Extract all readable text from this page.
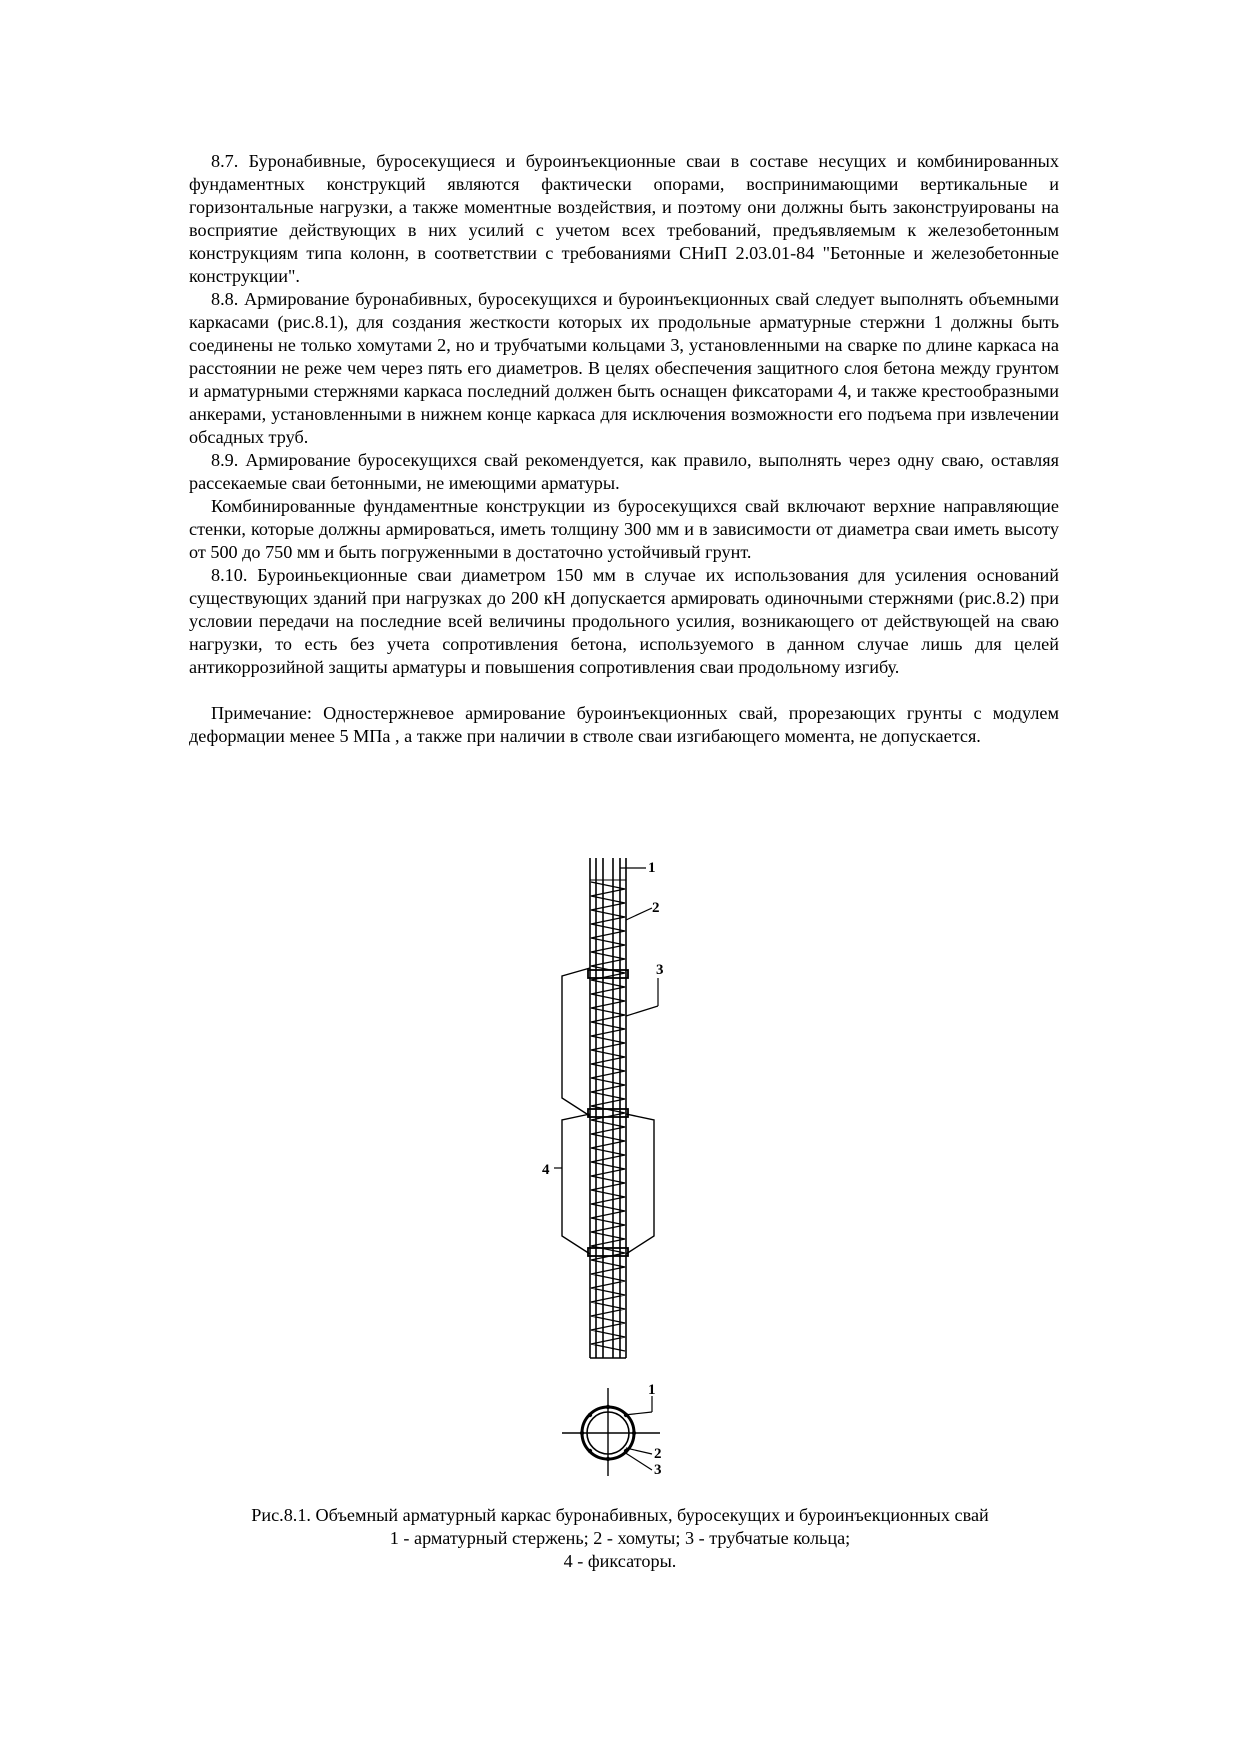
8.7. Буронабивные, буросекущиеся и буроинъекционные сваи в составе несущих и комбинированных фундаментных конструкций являются фактически опорами, воспринимающими вертикальные и горизонтальные нагрузки, а также моментные воздействия, и поэтому они должны быть законструированы на восприятие действующих в них усилий с учетом всех требований, предъявляемым к железобетонным конструкциям типа колонн, в соответствии с требованиями СНиП 2.03.01-84 "Бетонные и железобетонные конструкции".

8.8. Армирование буронабивных, буросекущихся и буроинъекционных свай следует выполнять объемными каркасами (рис.8.1), для создания жесткости которых их продольные арматурные стержни 1 должны быть соединены не только хомутами 2, но и трубчатыми кольцами 3, установленными на сварке по длине каркаса на расстоянии не реже чем через пять его диаметров. В целях обеспечения защитного слоя бетона между грунтом и арматурными стержнями каркаса последний должен быть оснащен фиксаторами 4, и также крестообразными анкерами, установленными в нижнем конце каркаса для исключения возможности его подъема при извлечении обсадных труб.

8.9. Армирование буросекущихся свай рекомендуется, как правило, выполнять через одну сваю, оставляя рассекаемые сваи бетонными, не имеющими арматуры.

Комбинированные фундаментные конструкции из буросекущихся свай включают верхние направляющие стенки, которые должны армироваться, иметь толщину 300 мм и в зависимости от диаметра сваи иметь высоту от 500 до 750 мм и быть погруженными в достаточно устойчивый грунт.

8.10. Буроиньекционные сваи диаметром 150 мм в случае их использования для усиления оснований существующих зданий при нагрузках до 200 кН допускается армировать одиночными стержнями (рис.8.2) при условии передачи на последние всей величины продольного усилия, возникающего от действующей на сваю нагрузки, то есть без учета сопротивления бетона, используемого в данном случае лишь для целей антикоррозийной защиты арматуры и повышения сопротивления сваи продольному изгибу.

Примечание: Одностержневое армирование буроинъекционных свай, прорезающих грунты с модулем деформации менее 5 МПа , а также при наличии в стволе сваи изгибающего момента, не допускается.

1
2
3
4
1
2
3
Рис.8.1. Объемный арматурный каркас буронабивных, буросекущих и буроинъекционных свай
1 - арматурный стержень; 2 - хомуты; 3 - трубчатые кольца;
4 - фиксаторы.
